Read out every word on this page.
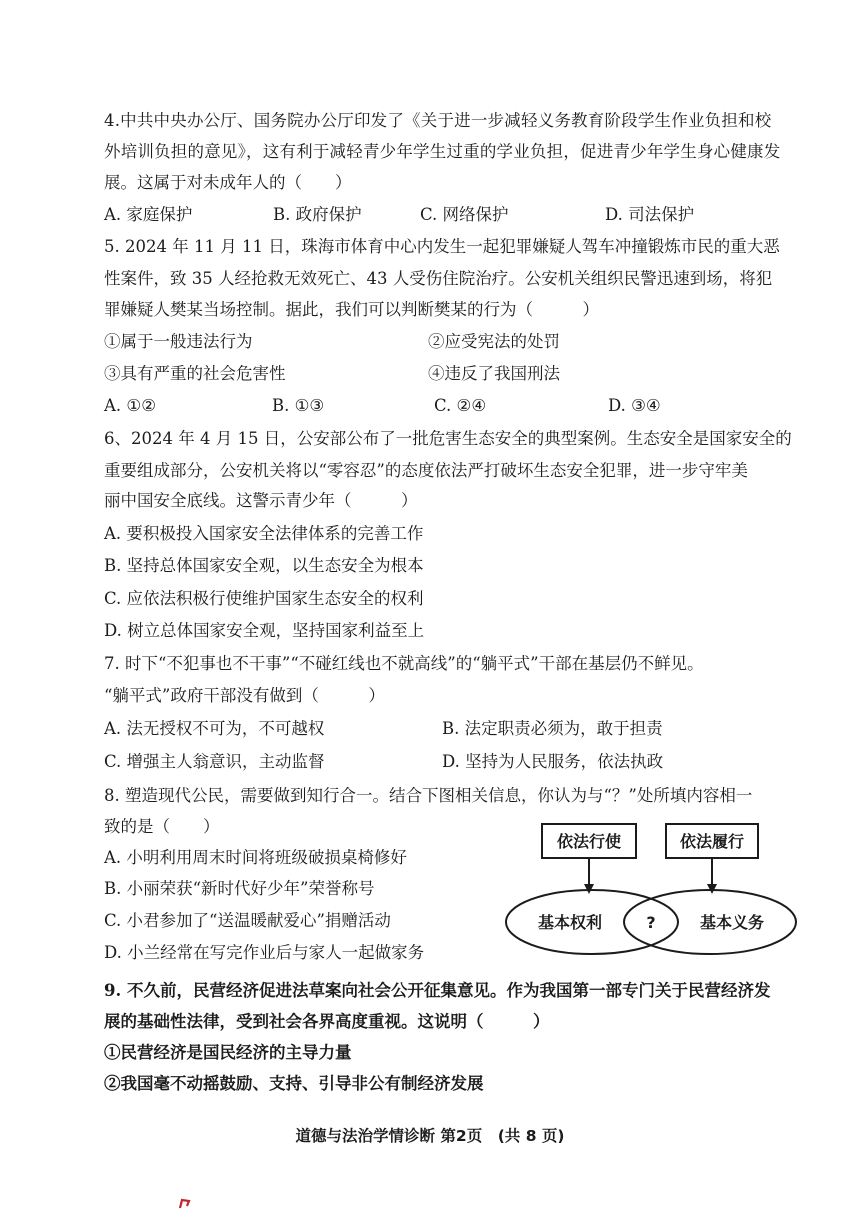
4.中共中央办公厅、国务院办公厅印发了《关于进一步减轻义务教育阶段学生作业负担和校
外培训负担的意见》，这有利于减轻青少年学生过重的学业负担，促进青少年学生身心健康发
展。这属于对未成年人的（　　）
A. 家庭保护	B. 政府保护	C. 网络保护	D. 司法保护
5. 2024 年 11 月 11 日，珠海市体育中心内发生一起犯罪嫌疑人驾车冲撞锻炼市民的重大恶
性案件，致 35 人经抢救无效死亡、43 人受伤住院治疗。公安机关组织民警迅速到场，将犯
罪嫌疑人樊某当场控制。据此，我们可以判断樊某的行为（　　　）
①属于一般违法行为	②应受宪法的处罚
③具有严重的社会危害性	④违反了我国刑法
A. ①②	B. ①③	C. ②④	D. ③④
6、2024 年 4 月 15 日，公安部公布了一批危害生态安全的典型案例。生态安全是国家安全的
重要组成部分，公安机关将以“零容忍”的态度依法严打破坏生态安全犯罪，进一步守牢美
丽中国安全底线。这警示青少年（　　　）
A. 要积极投入国家安全法律体系的完善工作
B. 坚持总体国家安全观，以生态安全为根本
C. 应依法积极行使维护国家生态安全的权利
D. 树立总体国家安全观，坚持国家利益至上
7. 时下“不犯事也不干事”“不碰红线也不就高线”的“躺平式”干部在基层仍不鲜见。
“躺平式”政府干部没有做到（　　　）
A. 法无授权不可为，不可越权	B. 法定职责必须为，敢于担责
C. 增强主人翁意识，主动监督	D. 坚持为人民服务，依法执政
8. 塑造现代公民，需要做到知行合一。结合下图相关信息，你认为与“？”处所填内容相一
致的是（　　）
A. 小明利用周末时间将班级破损桌椅修好
B. 小丽荣获“新时代好少年”荣誉称号
C. 小君参加了“送温暖献爱心”捐赠活动
D. 小兰经常在写完作业后与家人一起做家务
依法行使	依法履行
基本权利	?	基本义务
9. 不久前，民营经济促进法草案向社会公开征集意见。作为我国第一部专门关于民营经济发
展的基础性法律，受到社会各界高度重视。这说明（　　　）
①民营经济是国民经济的主导力量
②我国毫不动摇鼓励、支持、引导非公有制经济发展
道德与法治学情诊断 第2页　(共 8 页)
